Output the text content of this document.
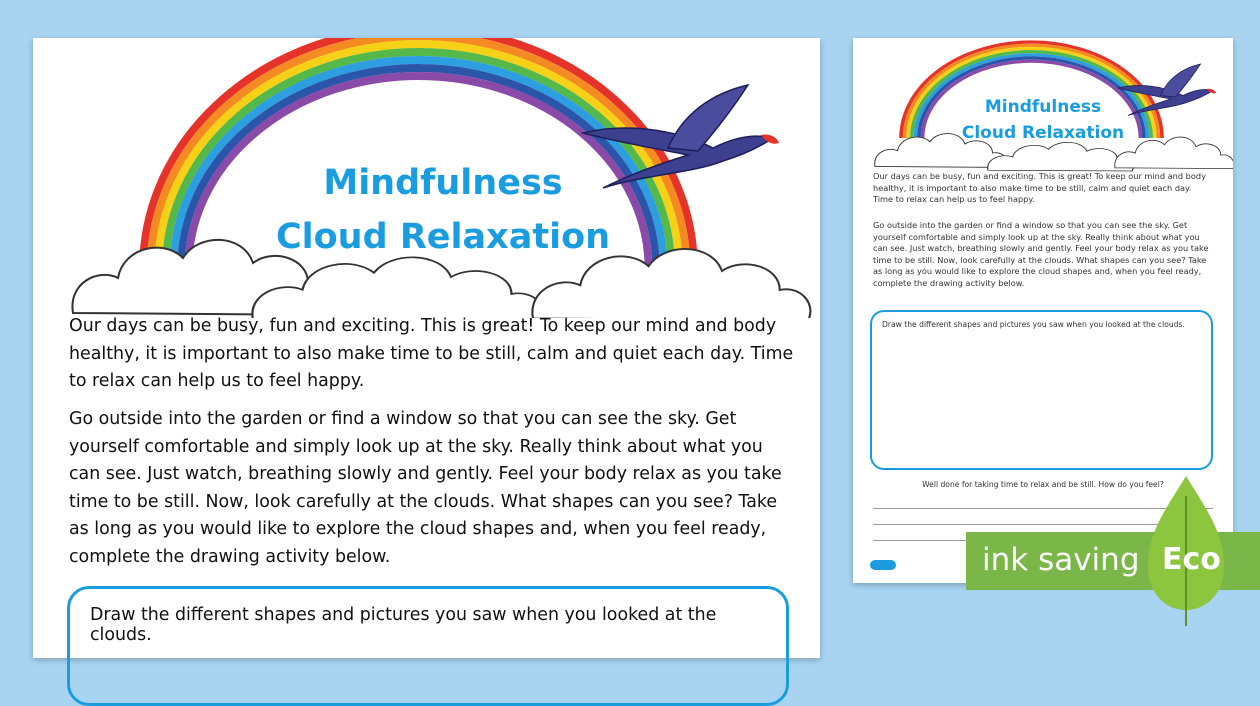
Mindfulness
Cloud Relaxation

Our days can be busy, fun and exciting. This is great! To keep our mind and body healthy, it is important to also make time to be still, calm and quiet each day. Time to relax can help us to feel happy.

Go outside into the garden or find a window so that you can see the sky. Get yourself comfortable and simply look up at the sky. Really think about what you can see. Just watch, breathing slowly and gently. Feel your body relax as you take time to be still. Now, look carefully at the clouds. What shapes can you see? Take as long as you would like to explore the cloud shapes and, when you feel ready, complete the drawing activity below.

Draw the different shapes and pictures you saw when you looked at the clouds.

Mindfulness
Cloud Relaxation

Our days can be busy, fun and exciting. This is great! To keep our mind and body healthy, it is important to also make time to be still, calm and quiet each day. Time to relax can help us to feel happy.

Go outside into the garden or find a window so that you can see the sky. Get yourself comfortable and simply look up at the sky. Really think about what you can see. Just watch, breathing slowly and gently. Feel your body relax as you take time to be still. Now, look carefully at the clouds. What shapes can you see? Take as long as you would like to explore the cloud shapes and, when you feel ready, complete the drawing activity below.

Draw the different shapes and pictures you saw when you looked at the clouds.

Well done for taking time to relax and be still. How do you feel?

ink saving Eco
